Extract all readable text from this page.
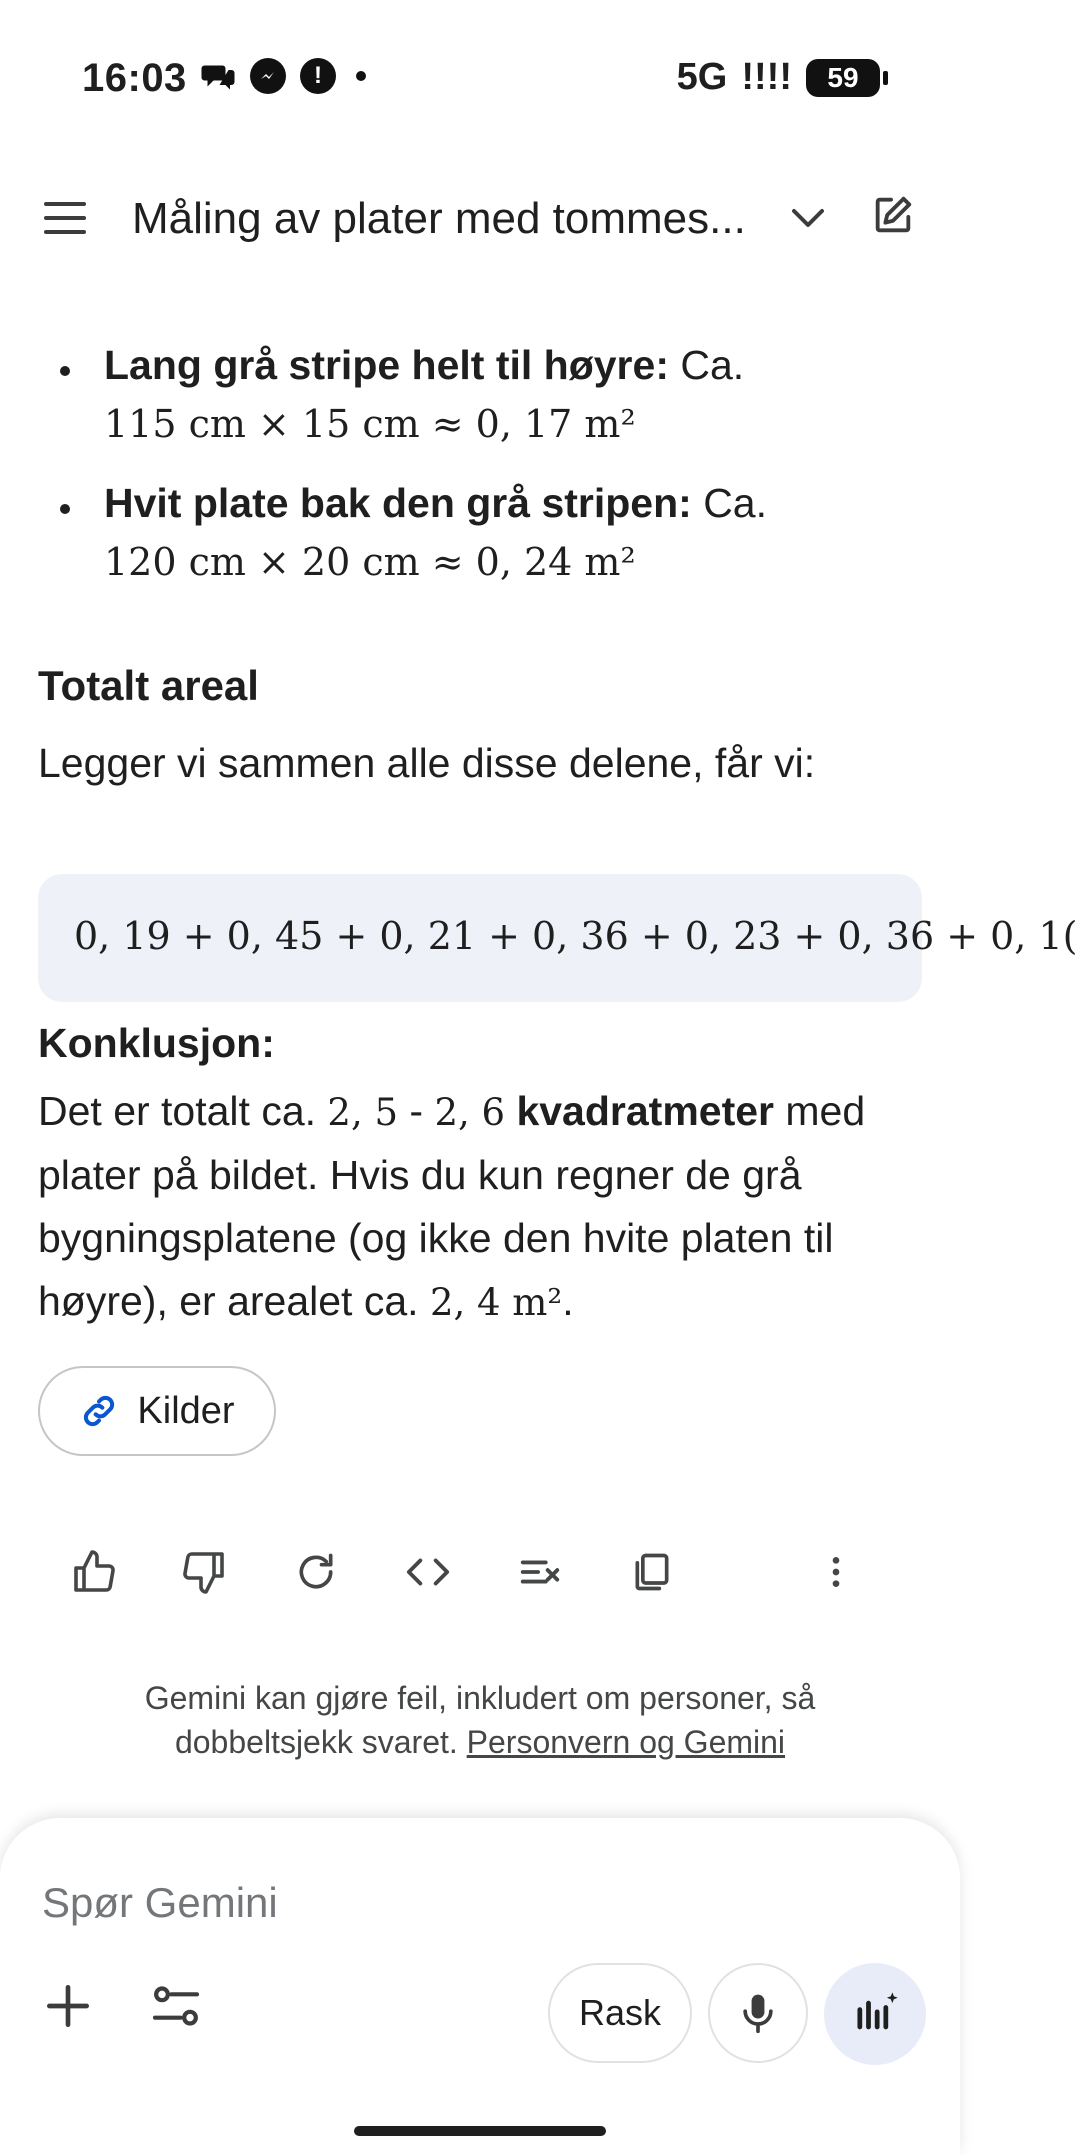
16:03	!	5G !!!! 59
Måling av plater med tommes...
Lang grå stripe helt til høyre: Ca.
115 cm × 15 cm ≈ 0, 17 m²
Hvit plate bak den grå stripen: Ca.
120 cm × 20 cm ≈ 0, 24 m²
Totalt areal
Legger vi sammen alle disse delene, får vi:
0, 19 + 0, 45 + 0, 21 + 0, 36 + 0, 23 + 0, 36 + 0, 1(
Konklusjon:
Det er totalt ca. 2, 5 - 2, 6 kvadratmeter med plater på bildet. Hvis du kun regner de grå bygningsplatene (og ikke den hvite platen til høyre), er arealet ca. 2, 4 m².
Kilder
Gemini kan gjøre feil, inkludert om personer, så
dobbeltsjekk svaret. Personvern og Gemini
Spør Gemini
Rask
